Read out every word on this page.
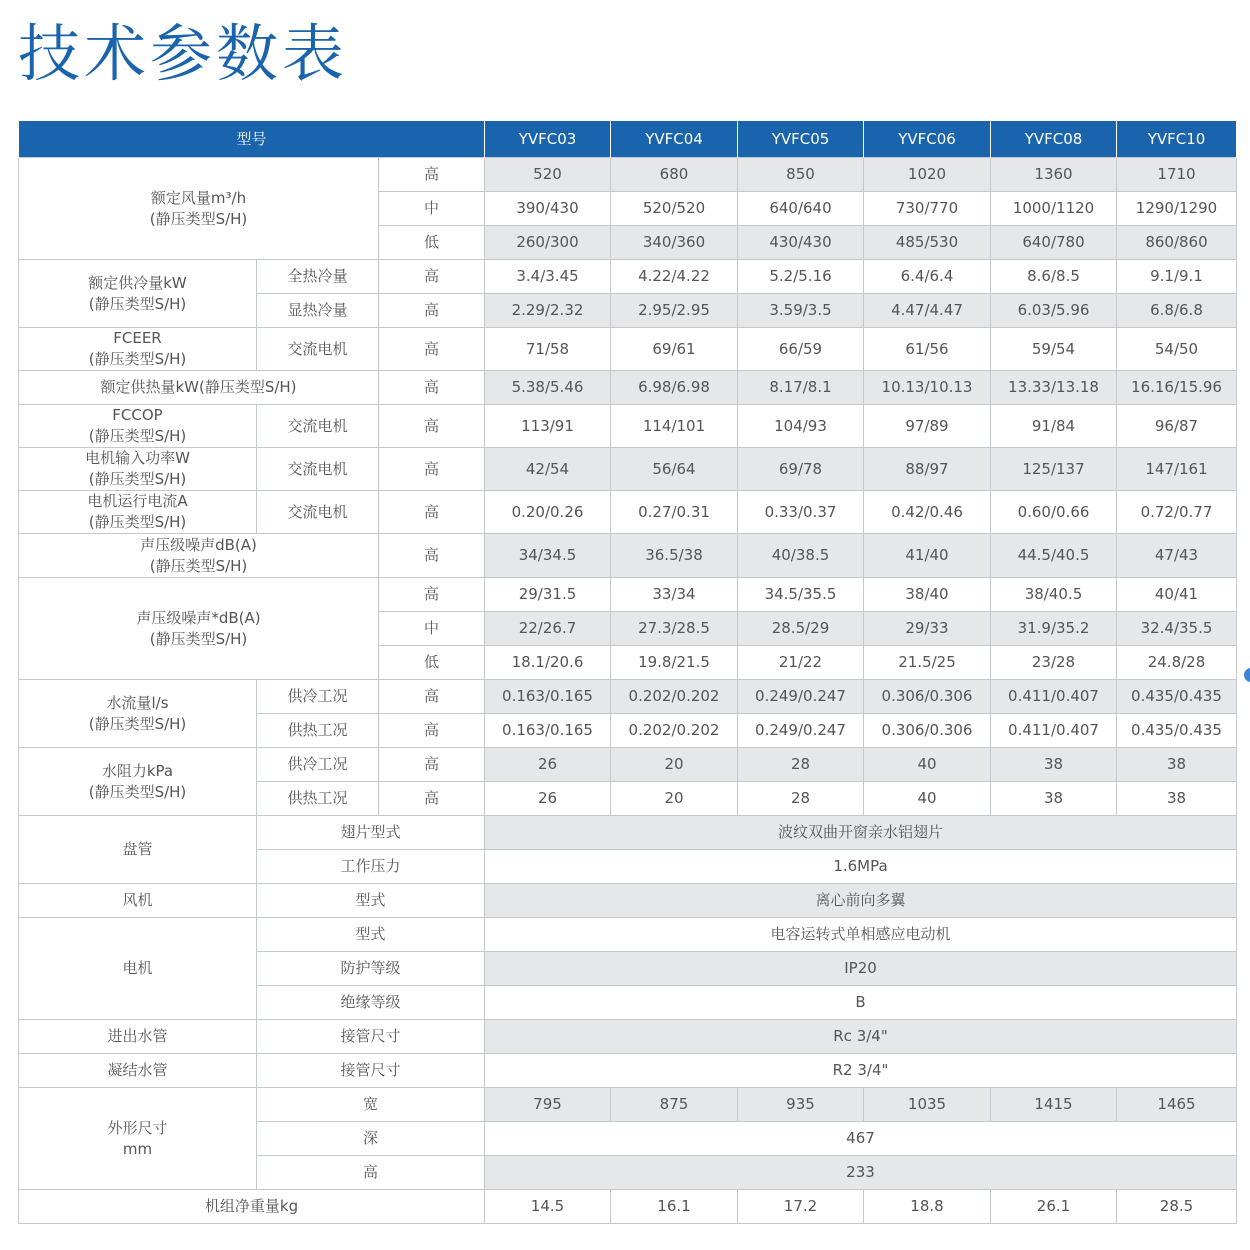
技术参数表
型号			YVFC03	YVFC04	YVFC05	YVFC06	YVFC08	YVFC10

额定风量m³/h
(静压类型S/H)		高	520	680	850	1020	1360	1710
		中	390/430	520/520	640/640	730/770	1000/1120	1290/1290
		低	260/300	340/360	430/430	485/530	640/780	860/860

额定供冷量kW
(静压类型S/H)	全热冷量	高	3.4/3.45	4.22/4.22	5.2/5.16	6.4/6.4	8.6/8.5	9.1/9.1
	显热冷量	高	2.29/2.32	2.95/2.95	3.59/3.5	4.47/4.47	6.03/5.96	6.8/6.8

FCEER
(静压类型S/H)	交流电机	高	71/58	69/61	66/59	61/56	59/54	54/50
额定供热量kW(静压类型S/H)		高	5.38/5.46	6.98/6.98	8.17/8.1	10.13/10.13	13.33/13.18	16.16/15.96

FCCOP
(静压类型S/H)	交流电机	高	113/91	114/101	104/93	97/89	91/84	96/87

电机输入功率W
(静压类型S/H)	交流电机	高	42/54	56/64	69/78	88/97	125/137	147/161

电机运行电流A
(静压类型S/H)	交流电机	高	0.20/0.26	0.27/0.31	0.33/0.37	0.42/0.46	0.60/0.66	0.72/0.77

声压级噪声dB(A)
(静压类型S/H)		高	34/34.5	36.5/38	40/38.5	41/40	44.5/40.5	47/43

声压级噪声*dB(A)
(静压类型S/H)		高	29/31.5	33/34	34.5/35.5	38/40	38/40.5	40/41
		中	22/26.7	27.3/28.5	28.5/29	29/33	31.9/35.2	32.4/35.5
		低	18.1/20.6	19.8/21.5	21/22	21.5/25	23/28	24.8/28

水流量l/s
(静压类型S/H)	供冷工况	高	0.163/0.165	0.202/0.202	0.249/0.247	0.306/0.306	0.411/0.407	0.435/0.435
	供热工况	高	0.163/0.165	0.202/0.202	0.249/0.247	0.306/0.306	0.411/0.407	0.435/0.435

水阻力kPa
(静压类型S/H)	供冷工况	高	26	20	28	40	38	38
	供热工况	高	26	20	28	40	38	38
盘管	翅片型式		波纹双曲开窗亲水铝翅片					
	工作压力		1.6MPa					
风机	型式		离心前向多翼					
电机	型式		电容运转式单相感应电动机					
	防护等级		IP20					
	绝缘等级		B					
进出水管	接管尺寸		Rc 3/4"					
凝结水管	接管尺寸		R2 3/4"					

外形尺寸
mm	宽		795	875	935	1035	1415	1465
	深		467					
	高		233					
机组净重量kg			14.5	16.1	17.2	18.8	26.1	28.5
